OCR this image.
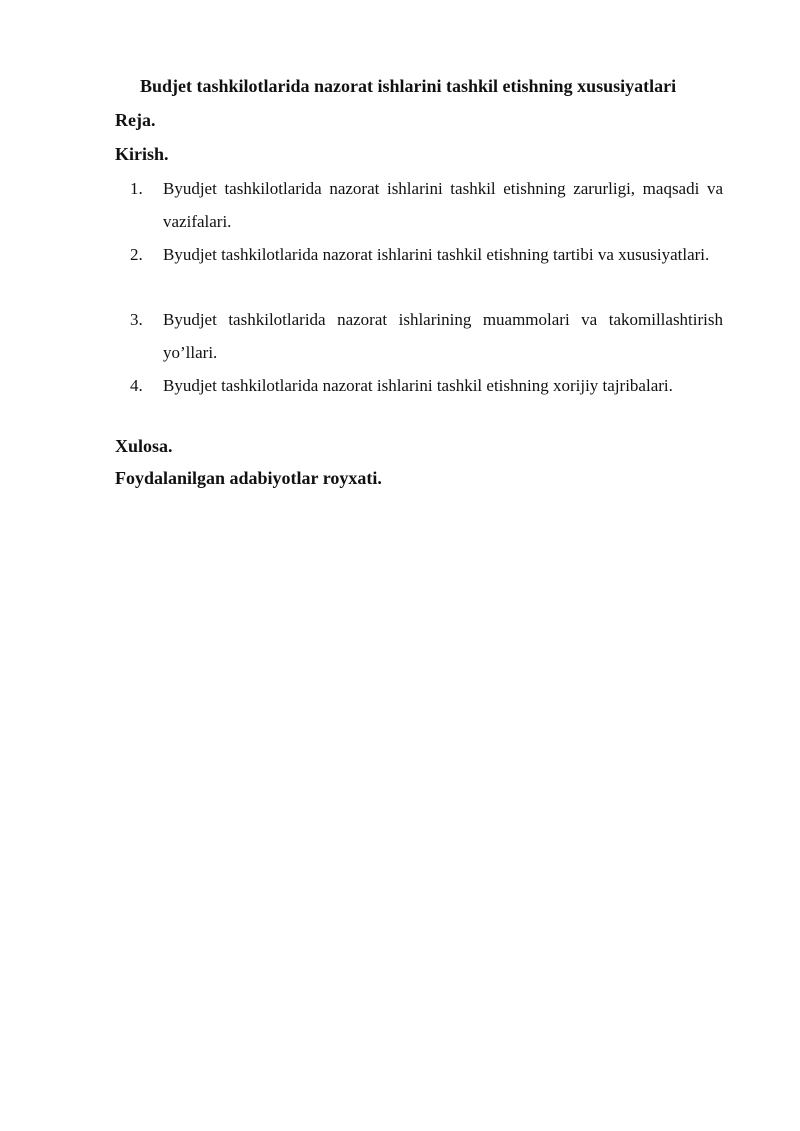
Budjet tashkilotlarida nazorat ishlarini tashkil etishning xususiyatlari
Reja.
Kirish.
1.	Byudjet tashkilotlarida nazorat ishlarini tashkil etishning zarurligi, maqsadi va vazifalari.
2.	Byudjet tashkilotlarida nazorat ishlarini tashkil etishning tartibi va xususiyatlari.
3.	Byudjet tashkilotlarida nazorat ishlarining muammolari va takomillashtirish yo’llari.
4.	Byudjet tashkilotlarida nazorat ishlarini tashkil etishning xorijiy tajribalari.
Xulosa.
Foydalanilgan adabiyotlar royxati.
